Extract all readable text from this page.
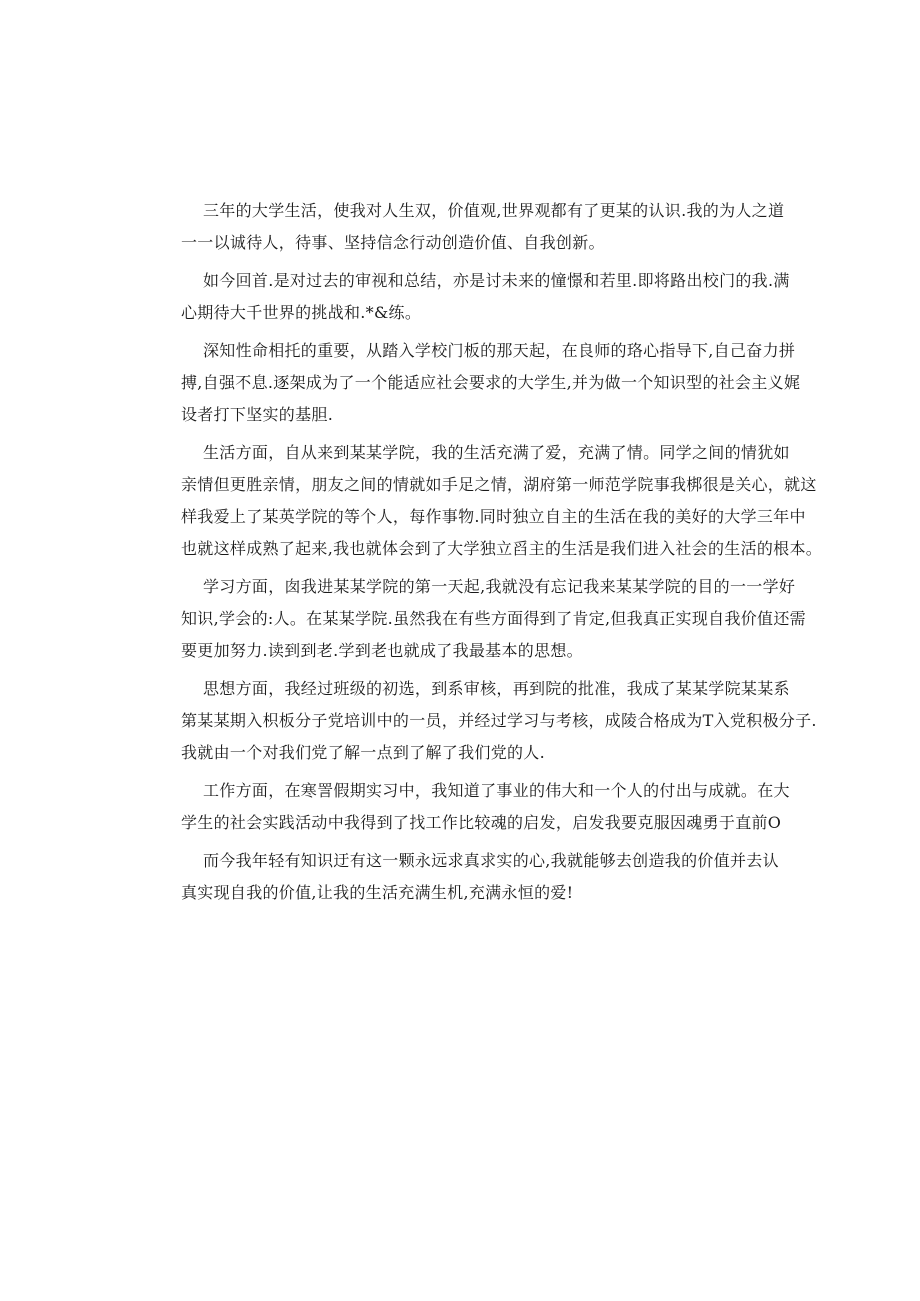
三年的大学生活，使我对人生双，价值观,世界观都有了更某的认识.我的为人之道
一一以诚待人，待事、坚持信念行动创造价值、自我创新。
如今回首.是对过去的审视和总结，亦是讨未来的憧憬和若里.即将路出校门的我.满
心期待大千世界的挑战和.*&练。
深知性命相托的重要，从踏入学校门板的那天起，在良师的珞心指导下,自己奋力拼
搏,自强不息.逐架成为了一个能适应社会要求的大学生,并为做一个知识型的社会主义娓
设者打下坚实的基胆.
生活方面，自从来到某某学院，我的生活充满了爱，充满了情。同学之间的情犹如
亲情但更胜亲情，朋友之间的情就如手足之情，湖府第一师范学院事我梆很是关心，就这
样我爱上了某英学院的等个人，每作事物.同时独立自主的生活在我的美好的大学三年中
也就这样成熟了起来,我也就体会到了大学独立舀主的生活是我们进入社会的生活的根本。
学习方面，囱我进某某学院的第一天起,我就没有忘记我来某某学院的目的一一学好
知识,学会的:人。在某某学院.虽然我在有些方面得到了肯定,但我真正实现自我价值还需
要更加努力.读到到老.学到老也就成了我最基本的思想。
思想方面，我经过班级的初选，到系审核，再到院的批准，我成了某某学院某某系
第某某期入枳板分子党培训中的一员，并经过学习与考核，成陵合格成为T入党积极分子.
我就由一个对我们党了解一点到了解了我们党的人.
工作方面，在寒詈假期实习中，我知道了事业的伟大和一个人的付出与成就。在大
学生的社会实践活动中我得到了找工作比较魂的启发，启发我要克服因魂勇于直前O
而今我年轻有知识迂有这一颗永远求真求实的心,我就能够去创造我的价值并去认
真实现自我的价值,让我的生活充满生机,充满永恒的爱!
